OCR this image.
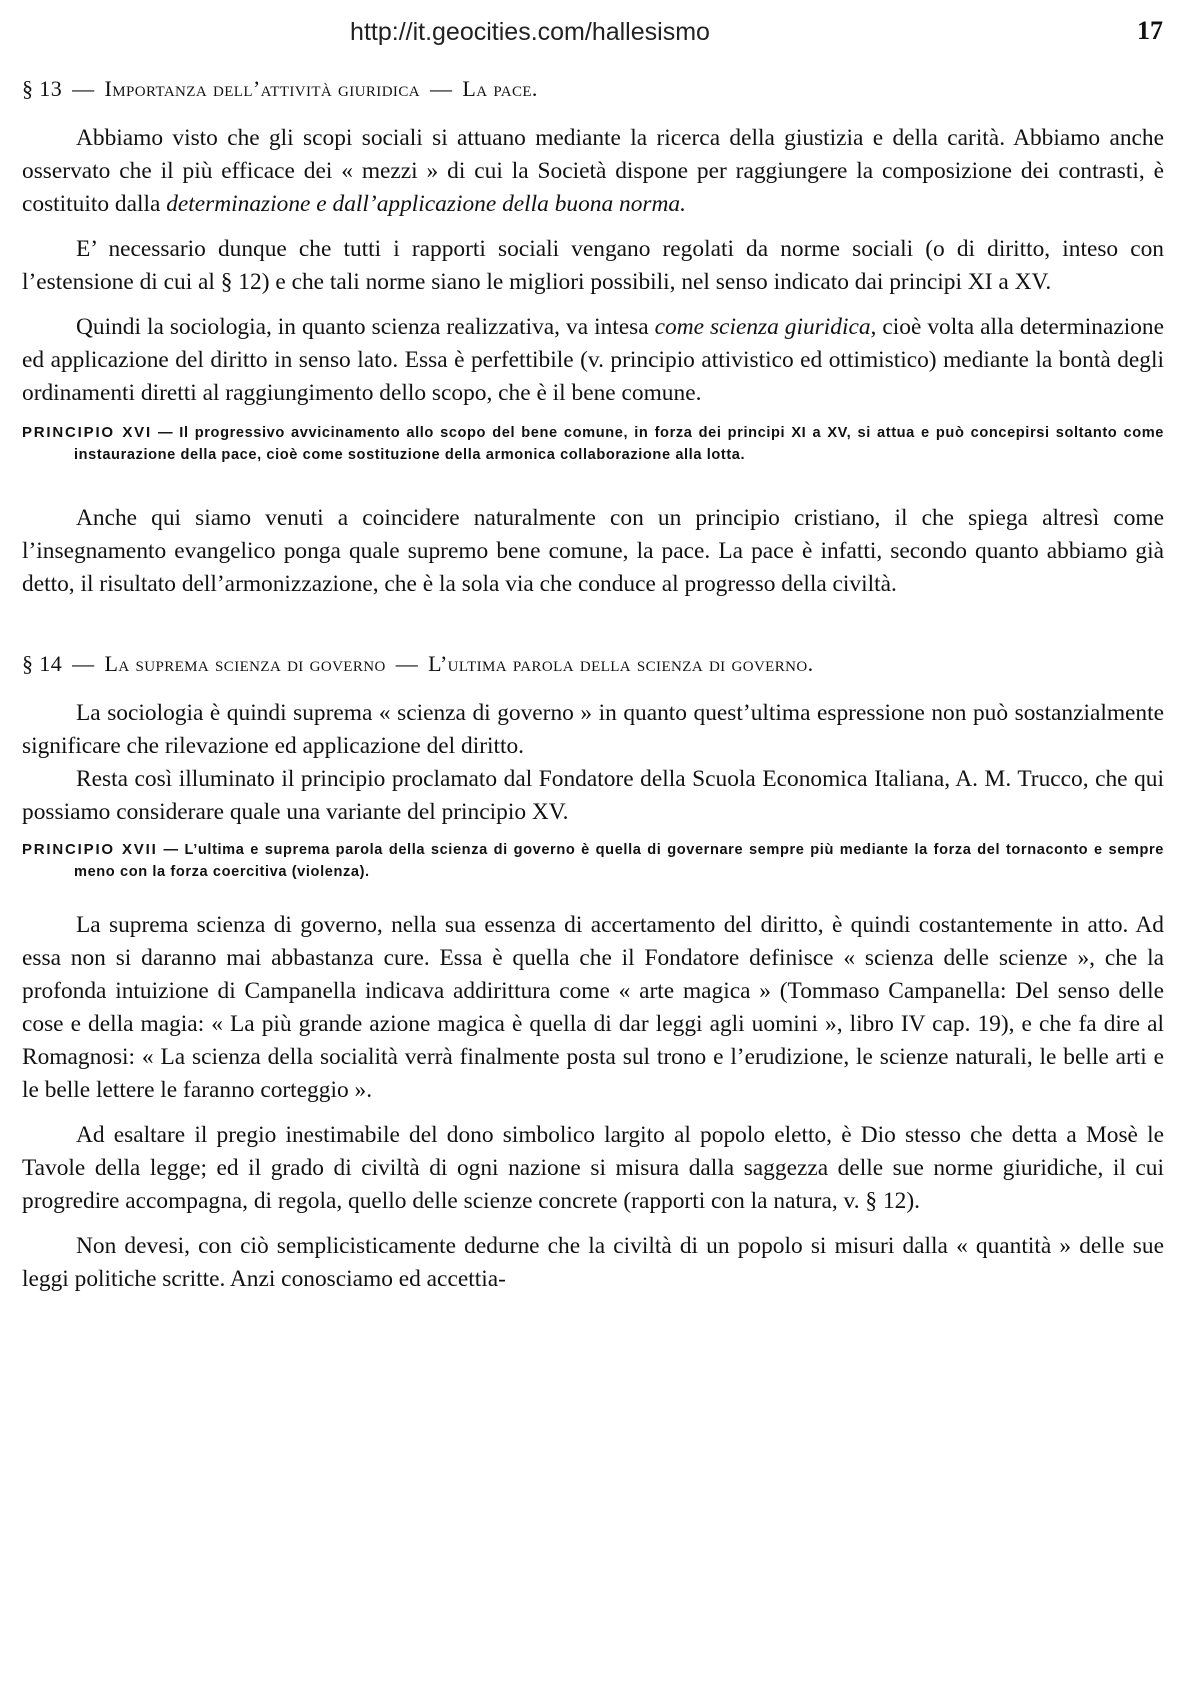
http://it.geocities.com/hallesismo	17
§ 13 — Importanza dell’attività giuridica — La pace.

Abbiamo visto che gli scopi sociali si attuano mediante la ricerca della giustizia e della carità. Abbiamo anche osservato che il più efficace dei « mezzi » di cui la Società dispone per raggiungere la composizione dei contrasti, è costituito dalla determinazione e dall’applicazione della buona norma.

E’ necessario dunque che tutti i rapporti sociali vengano regolati da norme sociali (o di diritto, inteso con l’estensione di cui al § 12) e che tali norme siano le migliori possibili, nel senso indicato dai principi XI a XV.

Quindi la sociologia, in quanto scienza realizzativa, va intesa come scienza giuridica, cioè volta alla determinazione ed applicazione del diritto in senso lato. Essa è perfettibile (v. principio attivistico ed ottimistico) mediante la bontà degli ordinamenti diretti al raggiungimento dello scopo, che è il bene comune.

PRINCIPIO XVI — Il progressivo avvicinamento allo scopo del bene comune, in forza dei principi XI a XV, si attua e può concepirsi soltanto come instaurazione della pace, cioè come sostituzione della armonica collaborazione alla lotta.

Anche qui siamo venuti a coincidere naturalmente con un principio cristiano, il che spiega altresì come l’insegnamento evangelico ponga quale supremo bene comune, la pace. La pace è infatti, secondo quanto abbiamo già detto, il risultato dell’armonizzazione, che è la sola via che conduce al progresso della civiltà.

§ 14 — La suprema scienza di governo — L’ultima parola della scienza di governo.

La sociologia è quindi suprema « scienza di governo » in quanto quest’ultima espressione non può sostanzialmente significare che rilevazione ed applicazione del diritto.

Resta così illuminato il principio proclamato dal Fondatore della Scuola Economica Italiana, A. M. Trucco, che qui possiamo considerare quale una variante del principio XV.

PRINCIPIO XVII — L’ultima e suprema parola della scienza di governo è quella di governare sempre più mediante la forza del tornaconto e sempre meno con la forza coercitiva (violenza).

La suprema scienza di governo, nella sua essenza di accertamento del diritto, è quindi costantemente in atto. Ad essa non si daranno mai abbastanza cure. Essa è quella che il Fondatore definisce « scienza delle scienze », che la profonda intuizione di Campanella indicava addirittura come « arte magica » (Tommaso Campanella: Del senso delle cose e della magia: « La più grande azione magica è quella di dar leggi agli uomini », libro IV cap. 19), e che fa dire al Romagnosi: « La scienza della socialità verrà finalmente posta sul trono e l’erudizione, le scienze naturali, le belle arti e le belle lettere le faranno corteggio ».

Ad esaltare il pregio inestimabile del dono simbolico largito al popolo eletto, è Dio stesso che detta a Mosè le Tavole della legge; ed il grado di civiltà di ogni nazione si misura dalla saggezza delle sue norme giuridiche, il cui progredire accompagna, di regola, quello delle scienze concrete (rapporti con la natura, v. § 12).

Non devesi, con ciò semplicisticamente dedurne che la civiltà di un popolo si misuri dalla « quantità » delle sue leggi politiche scritte. Anzi conosciamo ed accettia-
